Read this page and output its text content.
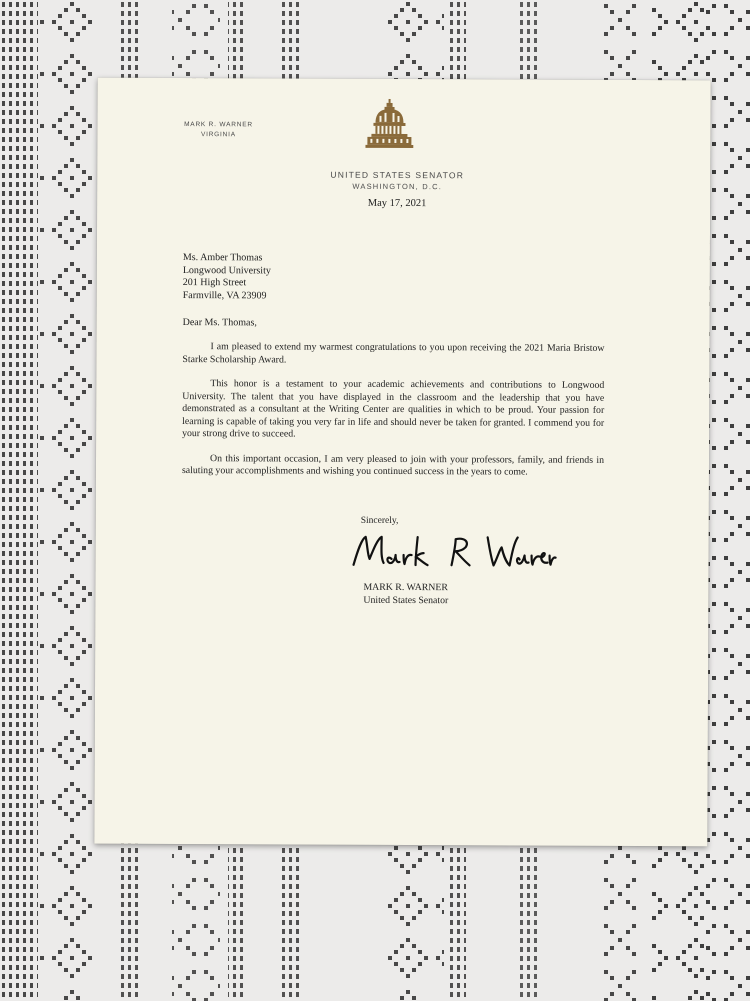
MARK R. WARNER
VIRGINIA
UNITED STATES SENATOR
WASHINGTON, D.C.
May 17, 2021
Ms. Amber Thomas
Longwood University
201 High Street
Farmville, VA 23909
Dear Ms. Thomas,

I am pleased to extend my warmest congratulations to you upon receiving the 2021 Maria Bristow Starke Scholarship Award.

This honor is a testament to your academic achievements and contributions to Longwood University. The talent that you have displayed in the classroom and the leadership that you have demonstrated as a consultant at the Writing Center are qualities in which to be proud. Your passion for learning is capable of taking you very far in life and should never be taken for granted. I commend you for your strong drive to succeed.

On this important occasion, I am very pleased to join with your professors, family, and friends in saluting your accomplishments and wishing you continued success in the years to come.

Sincerely,
MARK R. WARNER
United States Senator
